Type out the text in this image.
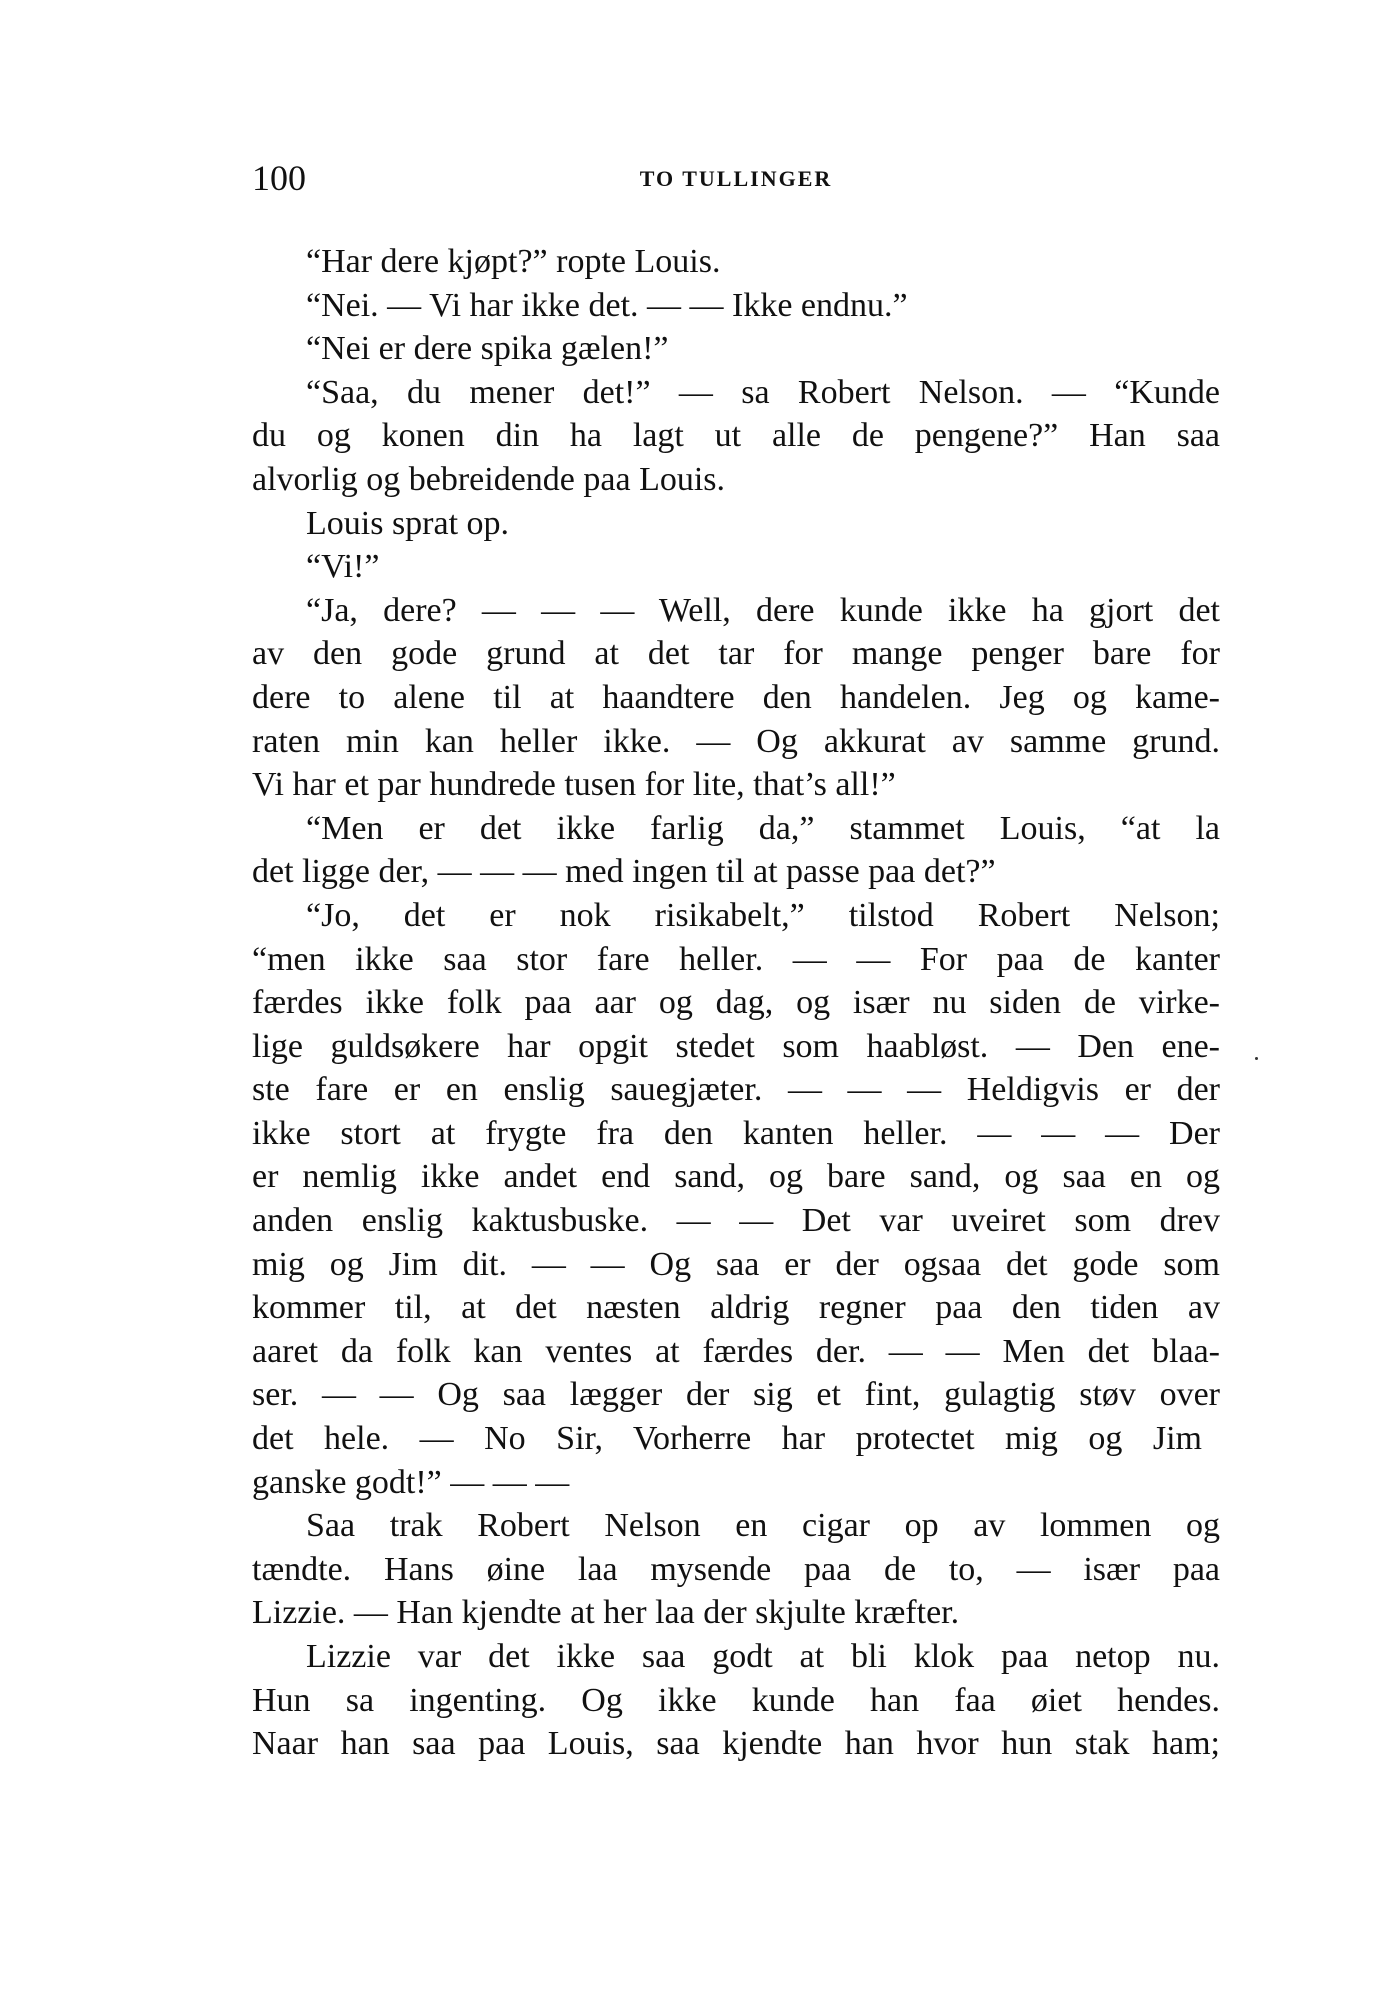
100	TO TULLINGER
“Har dere kjøpt?” ropte Louis.
“Nei. — Vi har ikke det. — — Ikke endnu.”
“Nei er dere spika gælen!”
“Saa, du mener det!” — sa Robert Nelson. — “Kunde
du og konen din ha lagt ut alle de pengene?” Han saa
alvorlig og bebreidende paa Louis.
Louis sprat op.
“Vi!”
“Ja, dere? — — — Well, dere kunde ikke ha gjort det
av den gode grund at det tar for mange penger bare for
dere to alene til at haandtere den handelen. Jeg og kame-
raten min kan heller ikke. — Og akkurat av samme grund.
Vi har et par hundrede tusen for lite, that’s all!”
“Men er det ikke farlig da,” stammet Louis, “at la
det ligge der, — — — med ingen til at passe paa det?”
“Jo, det er nok risikabelt,” tilstod Robert Nelson;
“men ikke saa stor fare heller. — — For paa de kanter
færdes ikke folk paa aar og dag, og især nu siden de virke-
lige guldsøkere har opgit stedet som haabløst. — Den ene-
ste fare er en enslig sauegjæter. — — — Heldigvis er der
ikke stort at frygte fra den kanten heller. — — — Der
er nemlig ikke andet end sand, og bare sand, og saa en og
anden enslig kaktusbuske. — — Det var uveiret som drev
mig og Jim dit. — — Og saa er der ogsaa det gode som
kommer til, at det næsten aldrig regner paa den tiden av
aaret da folk kan ventes at færdes der. — — Men det blaa-
ser. — — Og saa lægger der sig et fint, gulagtig støv over
det hele. — No Sir, Vorherre har protectet mig og Jim
ganske godt!” — — —
Saa trak Robert Nelson en cigar op av lommen og
tændte. Hans øine laa mysende paa de to, — især paa
Lizzie. — Han kjendte at her laa der skjulte kræfter.
Lizzie var det ikke saa godt at bli klok paa netop nu.
Hun sa ingenting. Og ikke kunde han faa øiet hendes.
Naar han saa paa Louis, saa kjendte han hvor hun stak ham;
